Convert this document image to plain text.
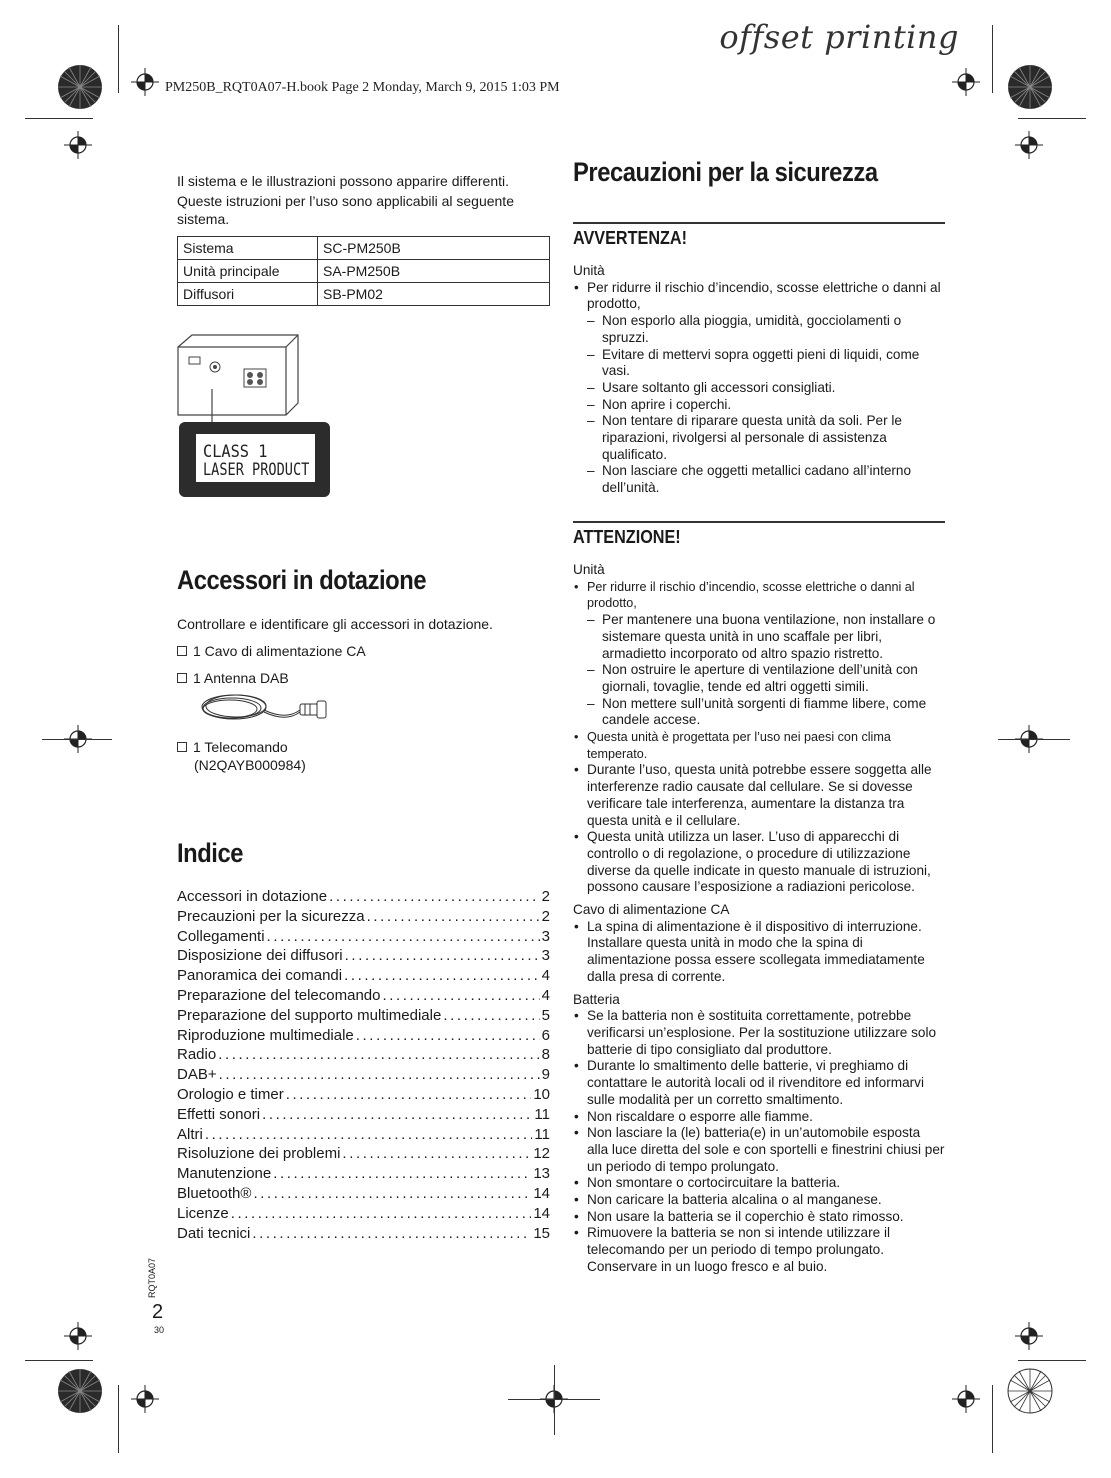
PM250B_RQT0A07-H.book Page 2 Monday, March 9, 2015 1:03 PM
offset printing

Il sistema e le illustrazioni possono apparire differenti.

Queste istruzioni per l’uso sono applicabili al seguente sistema.

Sistema	SC-PM250B
Unità principale	SA-PM250B
Diffusori	SB-PM02
CLASS 1
LASER PRODUCT
Accessori in dotazione
Controllare e identificare gli accessori in dotazione.
1 Cavo di alimentazione CA
1 Antenna DAB
1 Telecomando
(N2QAYB000984)
Indice
Accessori in dotazione .....	2
Precauzioni per la sicurezza .....	2
Collegamenti .....	3
Disposizione dei diffusori .....	3
Panoramica dei comandi .....	4
Preparazione del telecomando .....	4
Preparazione del supporto multimediale .....	5
Riproduzione multimediale .....	6
Radio .....	8
DAB+ .....	9
Orologio e timer .....	10
Effetti sonori .....	11
Altri .....	11
Risoluzione dei problemi .....	12
Manutenzione .....	13
Bluetooth® .....	14
Licenze .....	14
Dati tecnici .....	15
RQT0A07
2
30
Precauzioni per la sicurezza
AVVERTENZA!
Unità
• Per ridurre il rischio d’incendio, scosse elettriche o danni al prodotto,
– Non esporlo alla pioggia, umidità, gocciolamenti o spruzzi.
– Evitare di mettervi sopra oggetti pieni di liquidi, come vasi.
– Usare soltanto gli accessori consigliati.
– Non aprire i coperchi.
– Non tentare di riparare questa unità da soli. Per le riparazioni, rivolgersi al personale di assistenza qualificato.
– Non lasciare che oggetti metallici cadano all’interno dell’unità.
ATTENZIONE!
Unità
• Per ridurre il rischio d’incendio, scosse elettriche o danni al prodotto,
– Per mantenere una buona ventilazione, non installare o sistemare questa unità in uno scaffale per libri, armadietto incorporato od altro spazio ristretto.
– Non ostruire le aperture di ventilazione dell’unità con giornali, tovaglie, tende ed altri oggetti simili.
– Non mettere sull’unità sorgenti di fiamme libere, come candele accese.
• Questa unità è progettata per l’uso nei paesi con clima temperato.
• Durante l’uso, questa unità potrebbe essere soggetta alle interferenze radio causate dal cellulare. Se si dovesse verificare tale interferenza, aumentare la distanza tra questa unità e il cellulare.
• Questa unità utilizza un laser. L’uso di apparecchi di controllo o di regolazione, o procedure di utilizzazione diverse da quelle indicate in questo manuale di istruzioni, possono causare l’esposizione a radiazioni pericolose.
Cavo di alimentazione CA
• La spina di alimentazione è il dispositivo di interruzione. Installare questa unità in modo che la spina di alimentazione possa essere scollegata immediatamente dalla presa di corrente.
Batteria
• Se la batteria non è sostituita correttamente, potrebbe verificarsi un’esplosione. Per la sostituzione utilizzare solo batterie di tipo consigliato dal produttore.
• Durante lo smaltimento delle batterie, vi preghiamo di contattare le autorità locali od il rivenditore ed informarvi sulle modalità per un corretto smaltimento.
• Non riscaldare o esporre alle fiamme.
• Non lasciare la (le) batteria(e) in un’automobile esposta alla luce diretta del sole e con sportelli e finestrini chiusi per un periodo di tempo prolungato.
• Non smontare o cortocircuitare la batteria.
• Non caricare la batteria alcalina o al manganese.
• Non usare la batteria se il coperchio è stato rimosso.
• Rimuovere la batteria se non si intende utilizzare il telecomando per un periodo di tempo prolungato. Conservare in un luogo fresco e al buio.
